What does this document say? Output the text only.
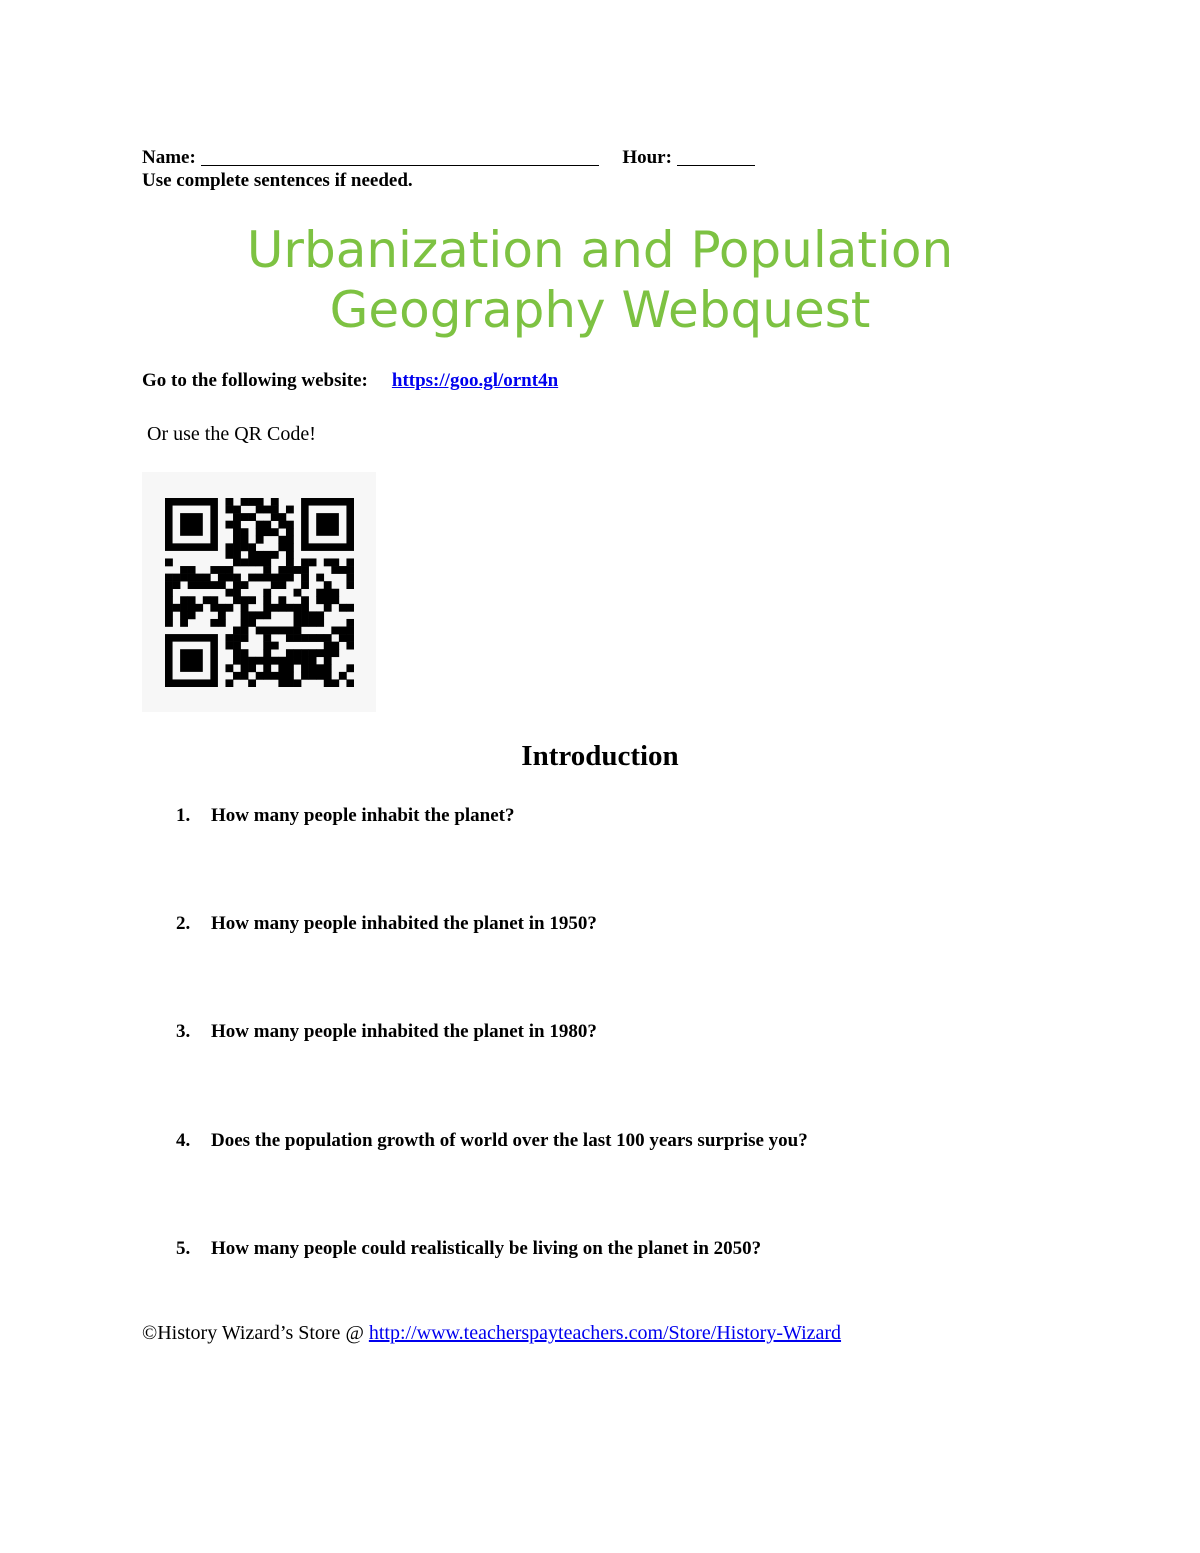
Name:	Hour:
Use complete sentences if needed.
Urbanization and Population
Geography Webquest
Go to the following website: https://goo.gl/ornt4n
Or use the QR Code!
Introduction
1. How many people inhabit the planet?
2. How many people inhabited the planet in 1950?
3. How many people inhabited the planet in 1980?
4. Does the population growth of world over the last 100 years surprise you?
5. How many people could realistically be living on the planet in 2050?
©History Wizard’s Store @ http://www.teacherspayteachers.com/Store/History-Wizard
